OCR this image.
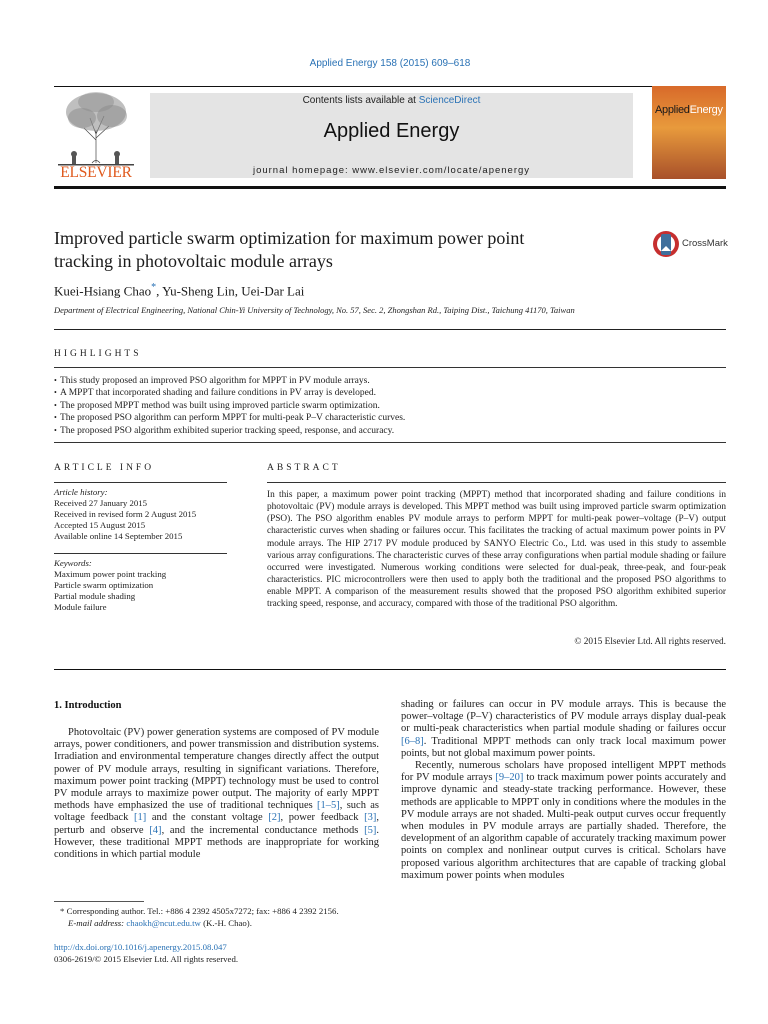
Applied Energy 158 (2015) 609–618
ELSEVIER
Contents lists available at ScienceDirect
Applied Energy
journal homepage: www.elsevier.com/locate/apenergy
AppliedEnergy
Improved particle swarm optimization for maximum power point
tracking in photovoltaic module arrays
CrossMark
Kuei-Hsiang Chao*, Yu-Sheng Lin, Uei-Dar Lai
Department of Electrical Engineering, National Chin-Yi University of Technology, No. 57, Sec. 2, Zhongshan Rd., Taiping Dist., Taichung 41170, Taiwan
HIGHLIGHTS
• This study proposed an improved PSO algorithm for MPPT in PV module arrays.
• A MPPT that incorporated shading and failure conditions in PV array is developed.
• The proposed MPPT method was built using improved particle swarm optimization.
• The proposed PSO algorithm can perform MPPT for multi-peak P–V characteristic curves.
• The proposed PSO algorithm exhibited superior tracking speed, response, and accuracy.
ARTICLE INFO
Article history:
Received 27 January 2015
Received in revised form 2 August 2015
Accepted 15 August 2015
Available online 14 September 2015
Keywords:
Maximum power point tracking
Particle swarm optimization
Partial module shading
Module failure
ABSTRACT

In this paper, a maximum power point tracking (MPPT) method that incorporated shading and failure conditions in photovoltaic (PV) module arrays is developed. This MPPT method was built using improved particle swarm optimization (PSO). The PSO algorithm enables PV module arrays to perform MPPT for multi-peak power–voltage (P–V) output characteristic curves when shading or failures occur. This facilitates the tracking of actual maximum power points in PV module arrays. The HIP 2717 PV module produced by SANYO Electric Co., Ltd. was used in this study to assemble various array configurations. The characteristic curves of these array configurations when partial module shading or failure occurred were investigated. Numerous working conditions were selected for dual-peak, three-peak, and four-peak characteristics. PIC microcontrollers were then used to apply both the traditional and the proposed PSO algorithms to enable MPPT. A comparison of the measurement results showed that the proposed PSO algorithm exhibited superior tracking speed, response, and accuracy, compared with those of the traditional PSO algorithm.

© 2015 Elsevier Ltd. All rights reserved.
1. Introduction

Photovoltaic (PV) power generation systems are composed of PV module arrays, power conditioners, and power transmission and distribution systems. Irradiation and environmental temperature changes directly affect the output power of PV module arrays, resulting in significant variations. Therefore, maximum power point tracking (MPPT) technology must be used to control PV module arrays to maximize power output. The majority of early MPPT methods have emphasized the use of traditional techniques [1–5], such as voltage feedback [1] and the constant voltage [2], power feedback [3], perturb and observe [4], and the incremental conductance methods [5]. However, these traditional MPPT methods are inappropriate for working conditions in which partial module

shading or failures can occur in PV module arrays. This is because the power–voltage (P–V) characteristics of PV module arrays display dual-peak or multi-peak characteristics when partial module shading or failures occur [6–8]. Traditional MPPT methods can only track local maximum power points, but not global maximum power points.

Recently, numerous scholars have proposed intelligent MPPT methods for PV module arrays [9–20] to track maximum power points accurately and improve dynamic and steady-state tracking performance. However, these methods are applicable to MPPT only in conditions where the modules in the PV module arrays are not shaded. Multi-peak output curves occur frequently when modules in PV module arrays are partially shaded. Therefore, the development of an algorithm capable of accurately tracking maximum power points on complex and nonlinear output curves is critical. Scholars have proposed various algorithm architectures that are capable of tracking global maximum power points when modules

* Corresponding author. Tel.: +886 4 2392 4505x7272; fax: +886 4 2392 2156.
E-mail address: chaokh@ncut.edu.tw (K.-H. Chao).
http://dx.doi.org/10.1016/j.apenergy.2015.08.047
0306-2619/© 2015 Elsevier Ltd. All rights reserved.
